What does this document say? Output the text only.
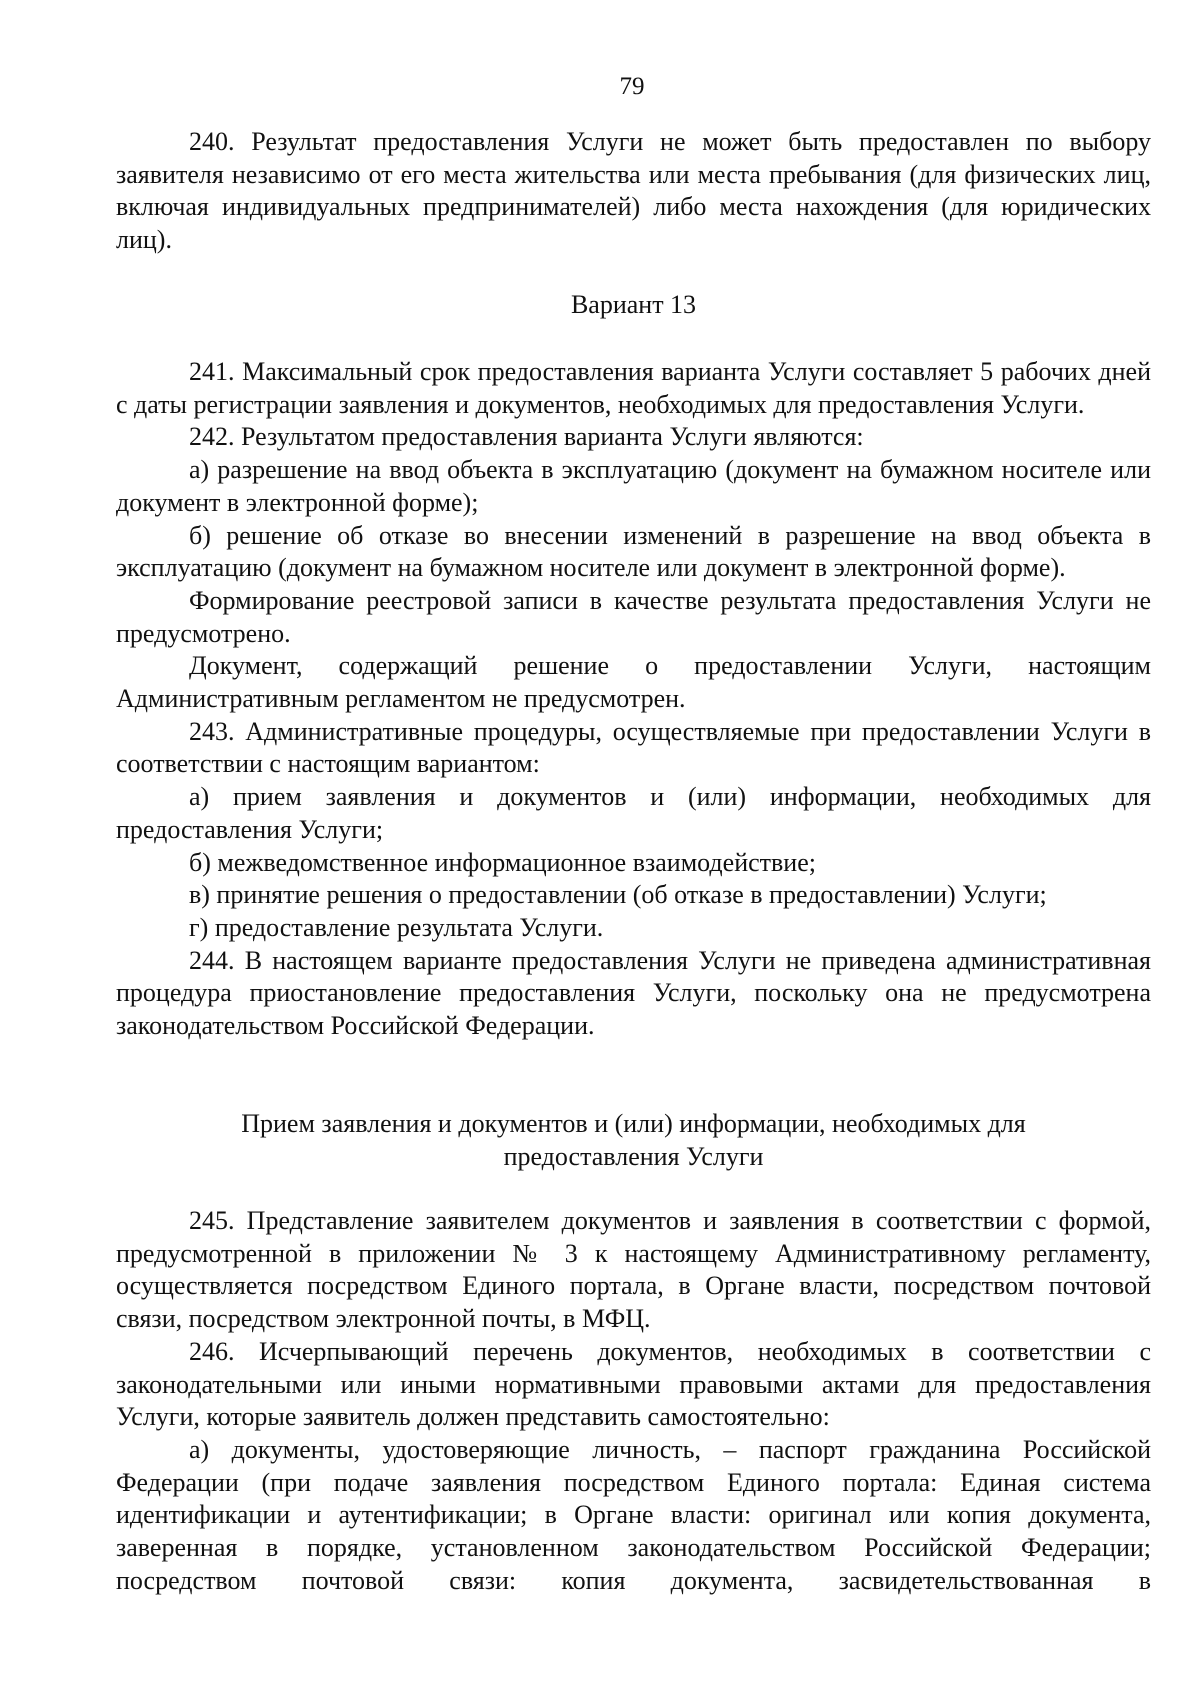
79

240. Результат предоставления Услуги не может быть предоставлен по выбору заявителя независимо от его места жительства или места пребывания (для физических лиц, включая индивидуальных предпринимателей) либо места нахождения (для юридических лиц).

Вариант 13

241. Максимальный срок предоставления варианта Услуги составляет 5 рабочих дней с даты регистрации заявления и документов, необходимых для предоставления Услуги.

242. Результатом предоставления варианта Услуги являются:

а) разрешение на ввод объекта в эксплуатацию (документ на бумажном носителе или документ в электронной форме);

б) решение об отказе во внесении изменений в разрешение на ввод объекта в эксплуатацию (документ на бумажном носителе или документ в электронной форме).

Формирование реестровой записи в качестве результата предоставления Услуги не предусмотрено.

Документ, содержащий решение о предоставлении Услуги, настоящим Административным регламентом не предусмотрен.

243. Административные процедуры, осуществляемые при предоставлении Услуги в соответствии с настоящим вариантом:

а) прием заявления и документов и (или) информации, необходимых для предоставления Услуги;

б) межведомственное информационное взаимодействие;

в) принятие решения о предоставлении (об отказе в предоставлении) Услуги;

г) предоставление результата Услуги.

244. В настоящем варианте предоставления Услуги не приведена административная процедура приостановление предоставления Услуги, поскольку она не предусмотрена законодательством Российской Федерации.

Прием заявления и документов и (или) информации, необходимых для

предоставления Услуги

245. Представление заявителем документов и заявления в соответствии с формой, предусмотренной в приложении № 3 к настоящему Административному регламенту, осуществляется посредством Единого портала, в Органе власти, посредством почтовой связи, посредством электронной почты, в МФЦ.

246. Исчерпывающий перечень документов, необходимых в соответствии с законодательными или иными нормативными правовыми актами для предоставления Услуги, которые заявитель должен представить самостоятельно:

а) документы, удостоверяющие личность, – паспорт гражданина Российской Федерации (при подаче заявления посредством Единого портала: Единая система идентификации и аутентификации; в Органе власти: оригинал или копия документа, заверенная в порядке, установленном законодательством Российской Федерации; посредством почтовой связи: копия документа, засвидетельствованная в
